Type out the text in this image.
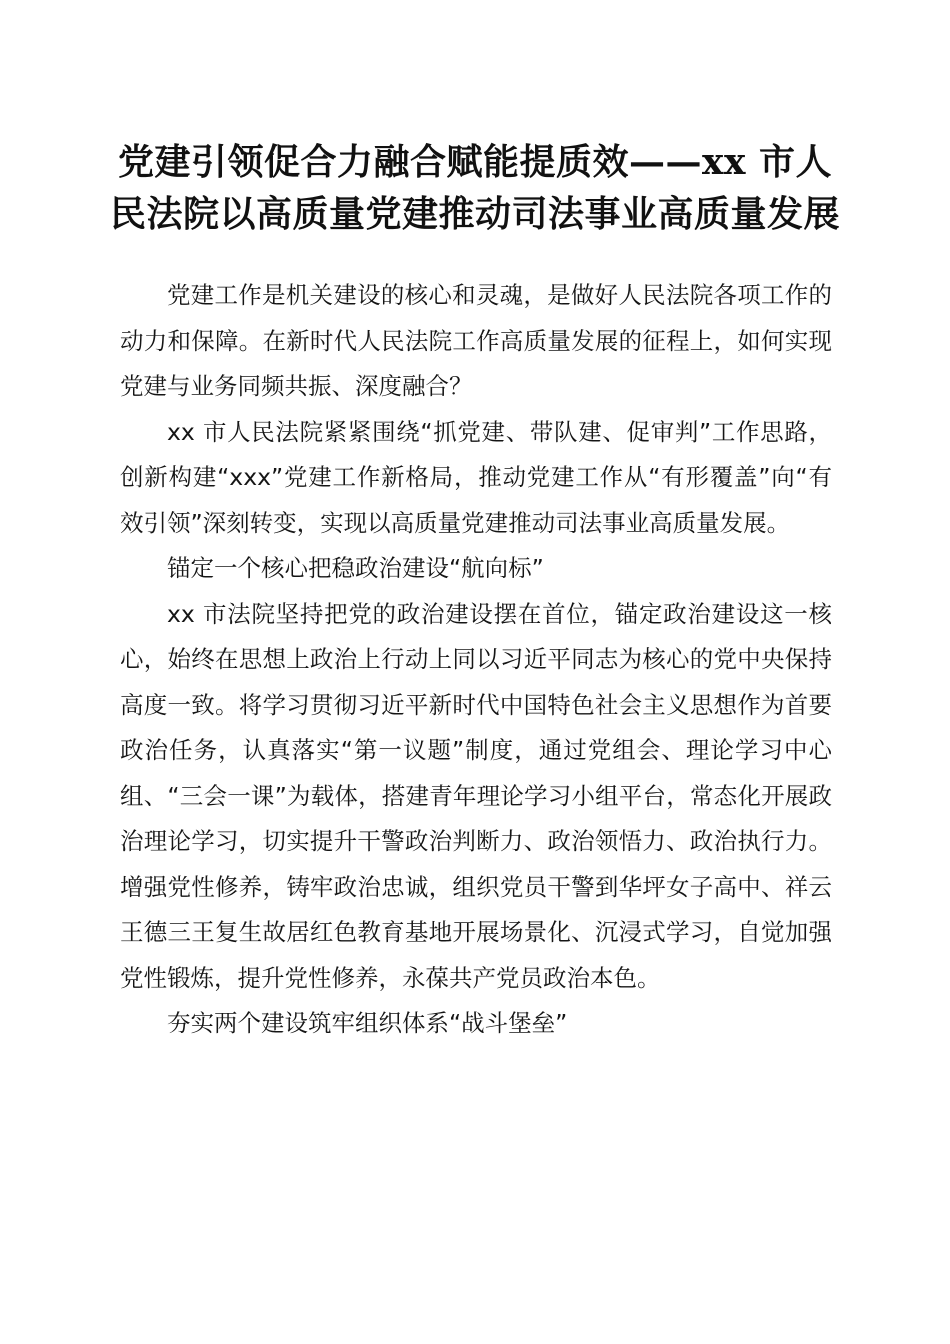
党建引领促合力融合赋能提质效——xx 市人
民法院以高质量党建推动司法事业高质量发展

党建工作是机关建设的核心和灵魂，是做好人民法院各项工作的动力和保障。在新时代人民法院工作高质量发展的征程上，如何实现党建与业务同频共振、深度融合？

xx 市人民法院紧紧围绕“抓党建、带队建、促审判”工作思路，创新构建“xxx”党建工作新格局，推动党建工作从“有形覆盖”向“有效引领”深刻转变，实现以高质量党建推动司法事业高质量发展。

锚定一个核心把稳政治建设“航向标”

xx 市法院坚持把党的政治建设摆在首位，锚定政治建设这一核心，始终在思想上政治上行动上同以习近平同志为核心的党中央保持高度一致。将学习贯彻习近平新时代中国特色社会主义思想作为首要政治任务，认真落实“第一议题”制度，通过党组会、理论学习中心组、“三会一课”为载体，搭建青年理论学习小组平台，常态化开展政治理论学习，切实提升干警政治判断力、政治领悟力、政治执行力。增强党性修养，铸牢政治忠诚，组织党员干警到华坪女子高中、祥云王德三王复生故居红色教育基地开展场景化、沉浸式学习，自觉加强党性锻炼，提升党性修养，永葆共产党员政治本色。

夯实两个建设筑牢组织体系“战斗堡垒”
